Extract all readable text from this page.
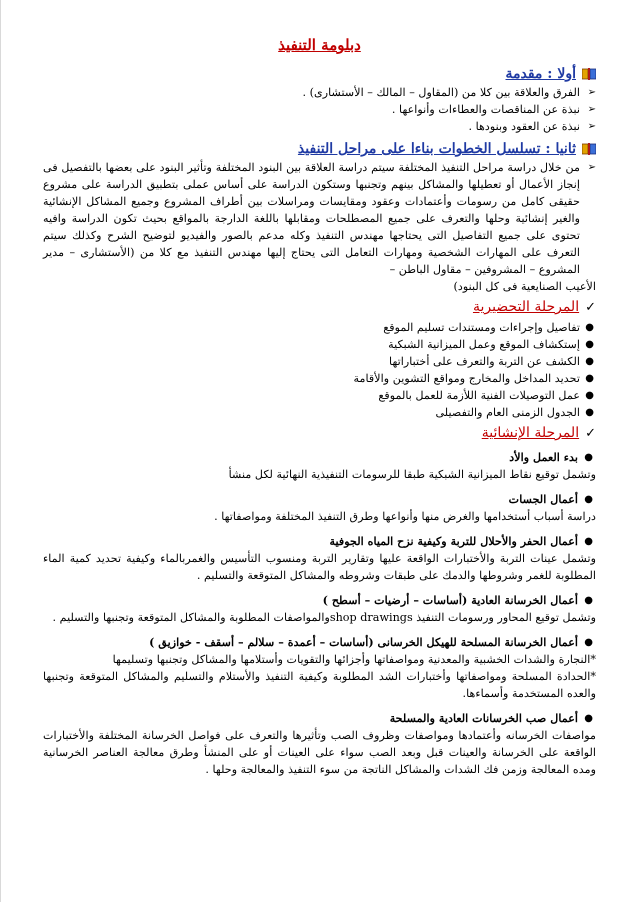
دبلومة التنفيذ
أولا : مقدمة
➢
الفرق والعلاقة بين كلا من (المقاول – المالك – الأستشارى) .
➢
نبذة عن المناقصات والعطاءات وأنواعها .
➢
نبذة عن العقود وبنودها .
ثانيا : تسلسل الخطوات بناءا على مراحل التنفيذ
➢
من خلال دراسة مراحل التنفيذ المختلفة سيتم دراسة العلاقة بين البنود المختلفة وتأثير البنود على بعضها بالتفصيل فى إنجاز الأعمال أو تعطيلها والمشاكل بينهم وتجنبها وستكون الدراسة على أساس عملى بتطبيق الدراسة على مشروع حقيقى كامل من رسومات وأعتمادات وعقود ومقايسات ومراسلات بين أطراف المشروع وجميع المشاكل الإنشائية والغير إنشائية وحلها والتعرف على جميع المصطلحات ومقابلها باللغة الدارجة بالمواقع بحيث تكون الدراسة وافيه تحتوى على جميع التفاصيل التى يحتاجها مهندس التنفيذ وكله مدعم بالصور والفيديو لتوضيح الشرح وكذلك سيتم التعرف على المهارات الشخصية ومهارات التعامل التى يحتاج إليها مهندس التنفيذ مع كلا من (الأستشارى – مدير المشروع – المشروفين – مقاول الباطن –
الأعيب الصنايعية فى كل البنود)
✓
المرحلة التحضيرية
●
تفاصيل وإجراءات ومستندات تسليم الموقع
●
إستكشاف الموقع وعمل الميزانية الشبكية
●
الكشف عن التربة والتعرف على أختباراتها
●
تحديد المداخل والمخارج ومواقع التشوين والأقامة
●
عمل التوصيلات الفنية اللأزمة للعمل بالموقع
●
الجدول الزمنى العام والتفصيلى
✓
المرحلة الإنشائية
●
بدء العمل والأد
وتشمل توقيع نقاط الميزانية الشبكية طبقا للرسومات التنفيذية النهائية لكل منشأ
●
أعمال الجسات
دراسة أسباب أستخدامها والغرض منها وأنواعها وطرق التنفيذ المختلفة ومواصفاتها .
●
أعمال الحفر والأحلال للتربة وكيفية نزح المياه الجوفية
وتشمل عينات التربة والأختبارات الواقعة عليها وتقارير التربة ومنسوب التأسيس والغمربالماء وكيفية تحديد كمية الماء المطلوبة للغمر وشروطها والدمك على طبقات وشروطه والمشاكل المتوقعة والتسليم .
●
أعمال الخرسانة العادية (أساسات – أرضيات – أسطح )
وتشمل توقيع المحاور ورسومات التنفيذ shop drawingsوالمواصفات المطلوبة والمشاكل المتوقعة وتجنبها والتسليم .
●
أعمال الخرسانة المسلحة للهيكل الخرسانى (أساسات – أعمدة – سلالم – أسقف - خوازيق )
*النجارة والشدات الخشبية والمعدنية ومواصفاتها وأجزائها والتقويات وأستلامها والمشاكل وتجنبها وتسليمها
*الحدادة المسلحة ومواصفاتها وأختبارات الشد المطلوبة وكيفية التنفيذ والأستلام والتسليم والمشاكل المتوقعة وتجنبها والعده المستخدمة وأسماءها.
●
أعمال صب الخرسانات العادية والمسلحة
مواصفات الخرسانه وأعتمادها ومواصفات وظروف الصب وتأثيرها والتعرف على فواصل الخرسانة المختلفة والأختبارات الواقعة على الخرسانة والعينات قبل وبعد الصب سواء على العينات أو على المنشأ وطرق معالجة العناصر الخرسانية ومده المعالجة وزمن فك الشدات والمشاكل الناتجة من سوء التنفيذ والمعالجة وحلها .
